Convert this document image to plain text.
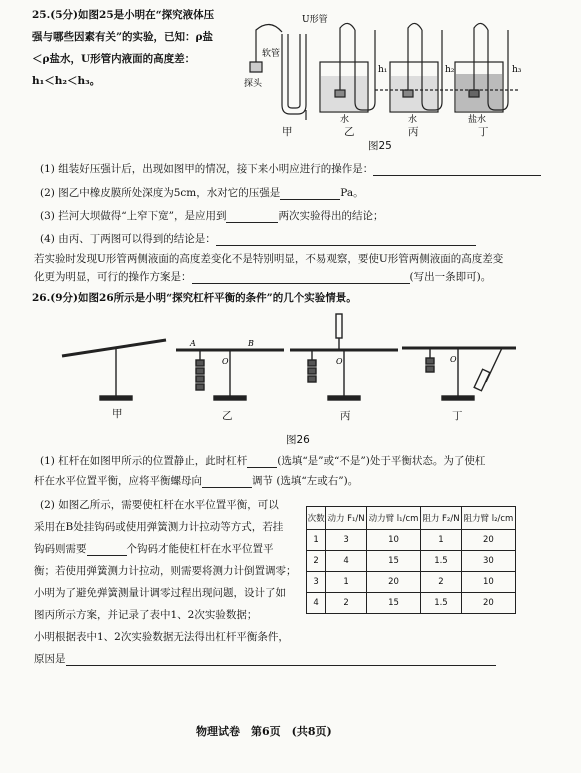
25.(5分)如图25是小明在“探究液体压
强与哪些因素有关”的实验，已知：ρ盐
＜ρ盐水，U形管内液面的高度差：
h₁＜h₂＜h₃。
U形管
软管
探头
h₁	h₂	h₃
水	水	盐水
甲	乙	丙	丁
图25
(1) 组装好压强计后，出现如图甲的情况，接下来小明应进行的操作是：
(2) 图乙中橡皮膜所处深度为5cm，水对它的压强是	Pa。
(3) 拦河大坝做得“上窄下宽”，是应用到	两次实验得出的结论；
(4) 由丙、丁两图可以得到的结论是：
若实验时发现U形管两侧液面的高度差变化不是特别明显，不易观察，要使U形管两侧液面的高度差变
化更为明显，可行的操作方案是：	(写出一条即可)。
26.(9分)如图26所示是小明“探究杠杆平衡的条件”的几个实验情景。
A	B
O	O	O
甲	乙	丙	丁
图26
(1) 杠杆在如图甲所示的位置静止，此时杠杆	(选填“是”或“不是”)处于平衡状态。为了使杠
杆在水平位置平衡，应将平衡螺母向	调节 (选填“左或右”)。
(2) 如图乙所示，需要使杠杆在水平位置平衡，可以
采用在B处挂钩码或使用弹簧测力计拉动等方式，若挂
钩码则需要	个钩码才能使杠杆在水平位置平
衡；若使用弹簧测力计拉动，则需要将测力计倒置调零；
小明为了避免弹簧测量计调零过程出现问题，设计了如
图丙所示方案，并记录了表中1、2次实验数据；
小明根据表中1、2次实验数据无法得出杠杆平衡条件，
原因是
次数	动力 F₁/N	动力臂 l₁/cm	阻力 F₂/N	阻力臂 l₂/cm
1	3	10	1	20
2	4	15	1.5	30
3	1	20	2	10
4	2	15	1.5	20
物理试卷　第6页　(共8页)
